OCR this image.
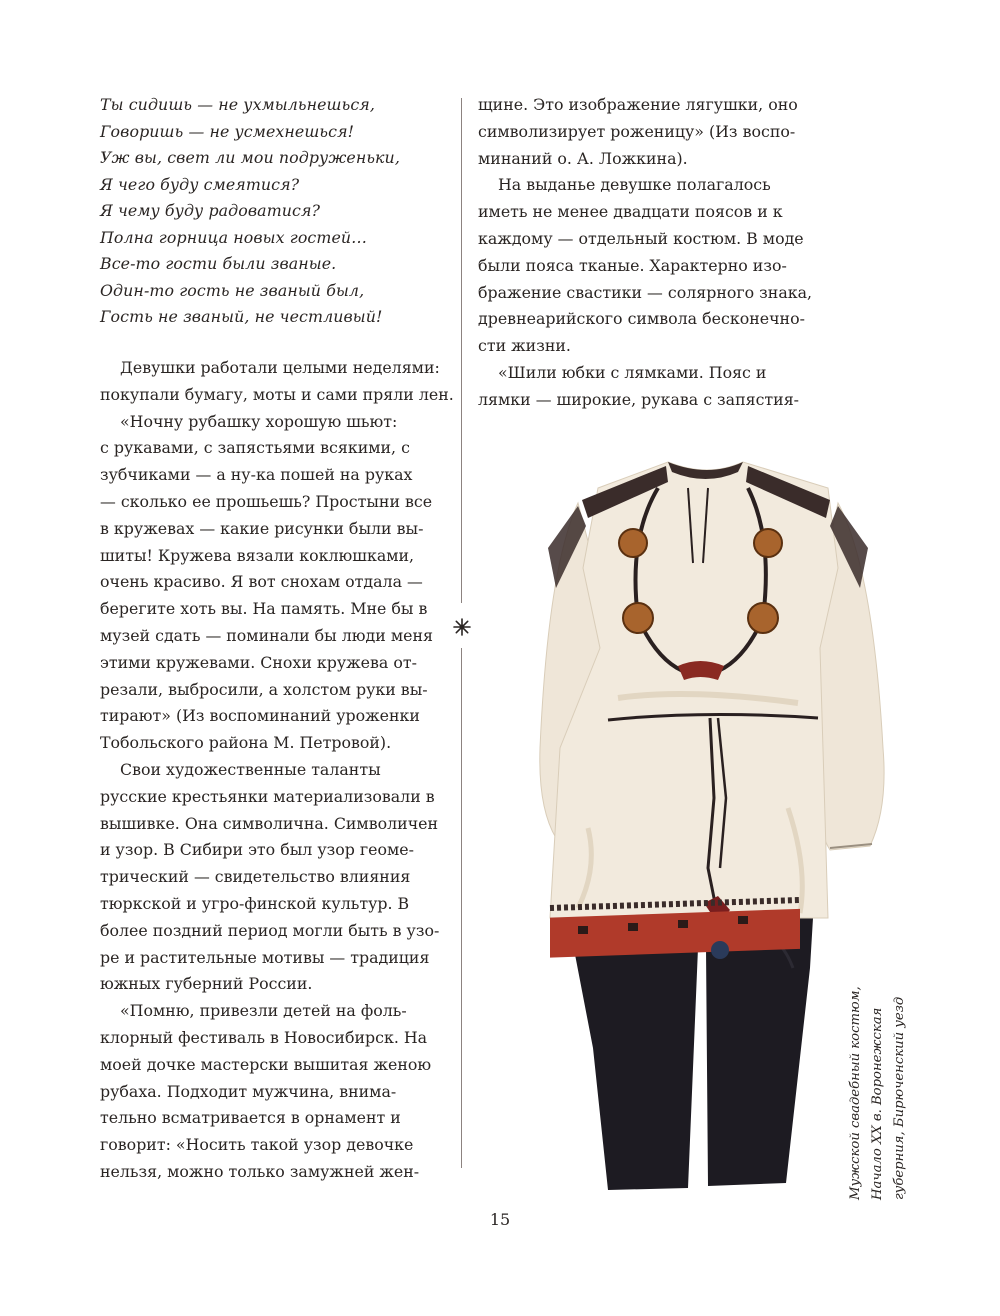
Ты сидишь — не ухмыльнешься,
Говоришь — не усмехнешься!
Уж вы, свет ли мои подруженьки,
Я чего буду смеятися?
Я чему буду радоватися?
Полна горница новых гостей…
Все-то гости были званые.
Один-то гость не званый был,
Гость не званый, не честливый!
Девушки работали целыми неделями:
покупали бумагу, моты и сами пряли лен.
«Ночну рубашку хорошую шьют:
с рукавами, с запястьями всякими, с
зубчиками — а ну-ка пошей на руках
— сколько ее прошьешь? Простыни все
в кружевах — какие рисунки были вы-
шиты! Кружева вязали коклюшками,
очень красиво. Я вот снохам отдала —
берегите хоть вы. На память. Мне бы в
музей сдать — поминали бы люди меня
этими кружевами. Снохи кружева от-
резали, выбросили, а холстом руки вы-
тирают» (Из воспоминаний уроженки
Тобольского района М. Петровой).
Свои художественные таланты
русские крестьянки материализовали в
вышивке. Она символична. Символичен
и узор. В Сибири это был узор геоме-
трический — свидетельство влияния
тюркской и угро-финской культур. В
более поздний период могли быть в узо-
ре и растительные мотивы — традиция
южных губерний России.
«Помню, привезли детей на фоль-
клорный фестиваль в Новосибирск. На
моей дочке мастерски вышитая женою
рубаха. Подходит мужчина, внима-
тельно всматривается в орнамент и
говорит: «Носить такой узор девочке
нельзя, можно только замужней жен-
щине. Это изображение лягушки, оно
символизирует роженицу» (Из воспо-
минаний о. А. Ложкина).
На выданье девушке полагалось
иметь не менее двадцати поясов и к
каждому — отдельный костюм. В моде
были пояса тканые. Характерно изо-
бражение свастики — солярного знака,
древнеарийского символа бесконечно-
сти жизни.
«Шили юбки с лямками. Пояс и
лямки — широкие, рукава с запястия-
Мужской свадебный костюм, Начало XX в. Воронежская губерния, Бирюченский уезд
15
